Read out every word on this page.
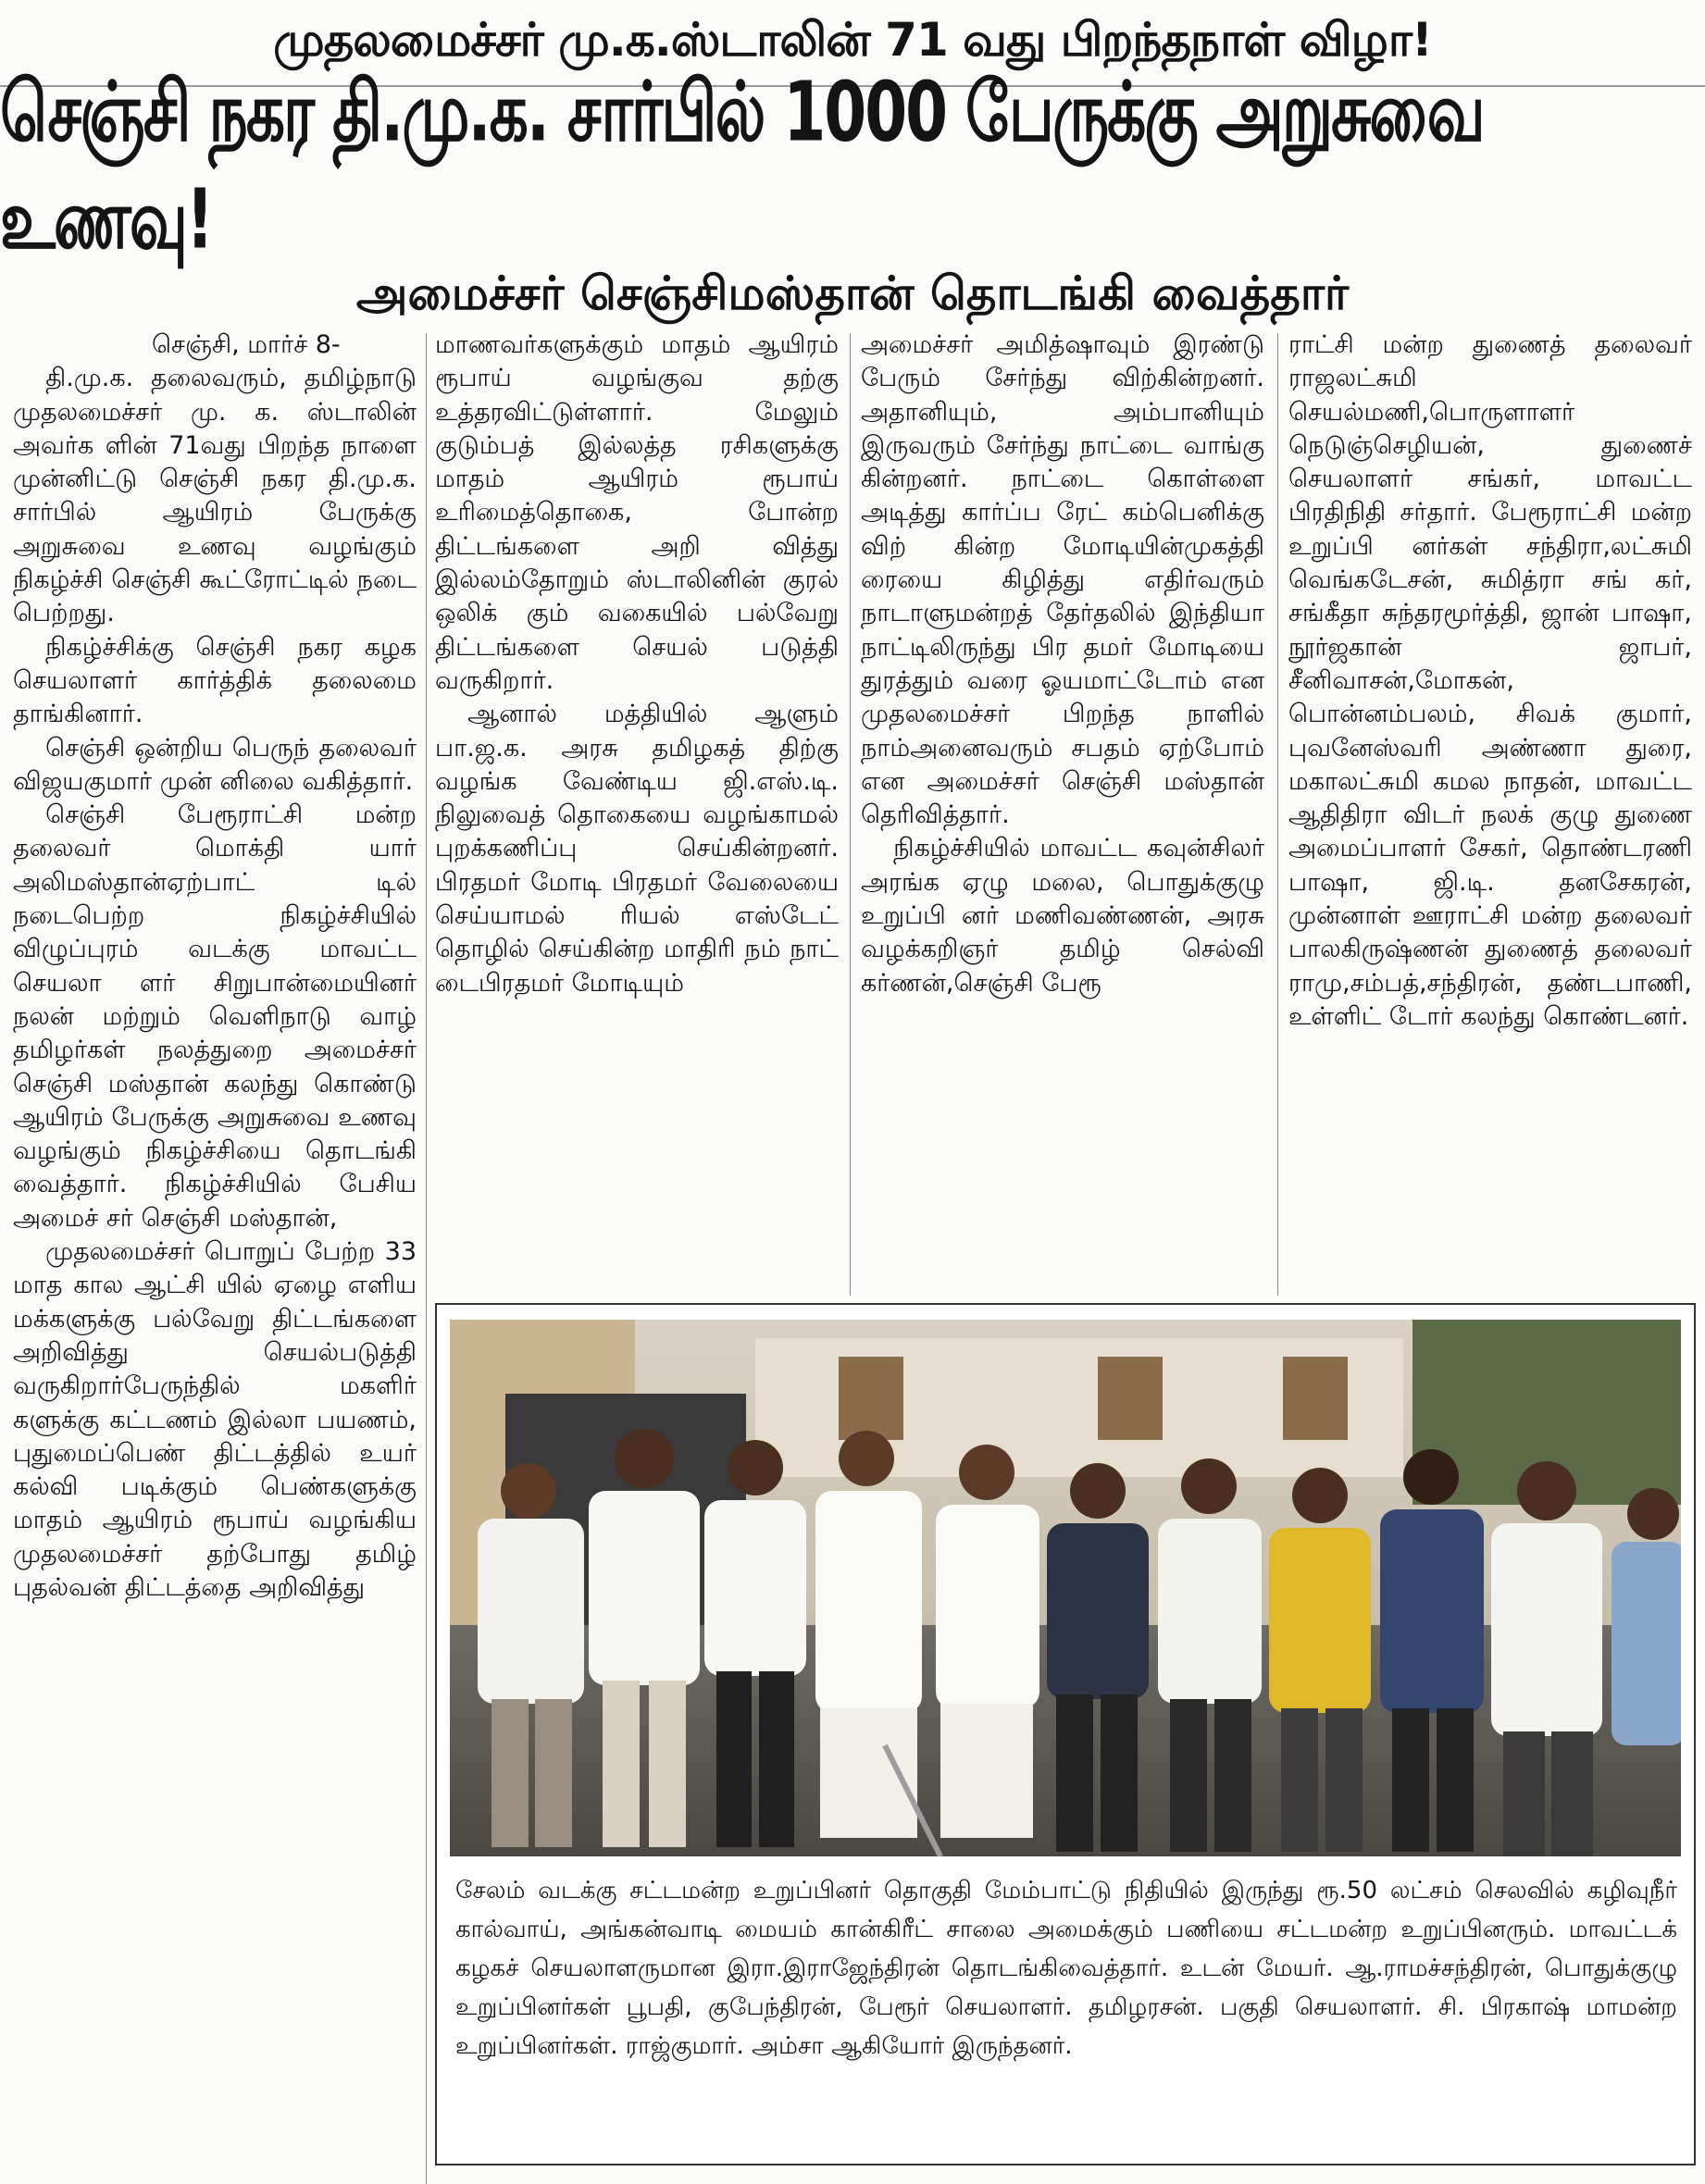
முதலமைச்சர் மு.க.ஸ்டாலின் 71 வது பிறந்தநாள் விழா!
செஞ்சி நகர தி.மு.க. சார்பில் 1000 பேருக்கு அறுசுவை உணவு!
அமைச்சர் செஞ்சிமஸ்தான் தொடங்கி வைத்தார்

செஞ்சி, மார்ச் 8-

தி.மு.க. தலைவரும், தமிழ்நாடு முதலமைச்சர் மு. க. ஸ்டாலின் அவர்க ளின் 71வது பிறந்த நாளை முன்னிட்டு செஞ்சி நகர தி.மு.க. சார்பில் ஆயிரம் பேருக்கு அறுசுவை உணவு வழங்கும் நிகழ்ச்சி செஞ்சி கூட்ரோட்டில் நடை பெற்றது.

நிகழ்ச்சிக்கு செஞ்சி நகர கழக செயலாளர் கார்த்திக் தலைமை தாங்கினார்.

செஞ்சி ஒன்றிய பெருந் தலைவர் விஜயகுமார் முன் னிலை வகித்தார்.

செஞ்சி பேரூராட்சி மன்ற தலைவர் மொக்தி யார் அலிமஸ்தான்ஏற்பாட் டில் நடைபெற்ற நிகழ்ச்சியில் விழுப்புரம் வடக்கு மாவட்ட செயலா ளர் சிறுபான்மையினர் நலன் மற்றும் வெளிநாடு வாழ் தமிழர்கள் நலத்துறை அமைச்சர் செஞ்சி மஸ்தான் கலந்து கொண்டு ஆயிரம் பேருக்கு அறுசுவை உணவு வழங்கும் நிகழ்ச்சியை தொடங்கி வைத்தார். நிகழ்ச்சியில் பேசிய அமைச் சர் செஞ்சி மஸ்தான்,

முதலமைச்சர் பொறுப் பேற்ற 33 மாத கால ஆட்சி யில் ஏழை எளிய மக்களுக்கு பல்வேறு திட்டங்களை அறிவித்து செயல்படுத்தி வருகிறார்பேருந்தில் மகளிர் களுக்கு கட்டணம் இல்லா பயணம், புதுமைப்பெண் திட்டத்தில் உயர் கல்வி படிக்கும் பெண்களுக்கு மாதம் ஆயிரம் ரூபாய் வழங்கிய முதலமைச்சர் தற்போது தமிழ் புதல்வன் திட்டத்தை அறிவித்து

மாணவர்களுக்கும் மாதம் ஆயிரம் ரூபாய் வழங்குவ தற்கு உத்தரவிட்டுள்ளார். மேலும் குடும்பத் இல்லத்த ரசிகளுக்கு மாதம் ஆயிரம் ரூபாய் உரிமைத்தொகை, போன்ற திட்டங்களை அறி வித்து இல்லம்தோறும் ஸ்டாலினின் குரல் ஒலிக் கும் வகையில் பல்வேறு திட்டங்களை செயல் படுத்தி வருகிறார்.

ஆனால் மத்தியில் ஆளும் பா.ஜ.க. அரசு தமிழகத் திற்கு வழங்க வேண்டிய ஜி.எஸ்.டி. நிலுவைத் தொகையை வழங்காமல் புறக்கணிப்பு செய்கின்றனர். பிரதமர் மோடி பிரதமர் வேலையை செய்யாமல் ரியல் எஸ்டேட் தொழில் செய்கின்ற மாதிரி நம் நாட் டைபிரதமர் மோடியும்

அமைச்சர் அமித்ஷாவும் இரண்டு பேரும் சேர்ந்து விற்கின்றனர். அதானியும், அம்பானியும் இருவரும் சேர்ந்து நாட்டை வாங்கு கின்றனர். நாட்டை கொள்ளை அடித்து கார்ப்ப ரேட் கம்பெனிக்கு விற் கின்ற மோடியின்முகத்தி ரையை கிழித்து எதிர்வரும் நாடாளுமன்றத் தேர்தலில் இந்தியா நாட்டிலிருந்து பிர தமர் மோடியை துரத்தும் வரை ஓயமாட்டோம் என முதலமைச்சர் பிறந்த நாளில் நாம்அனைவரும் சபதம் ஏற்போம் என அமைச்சர் செஞ்சி மஸ்தான் தெரிவித்தார்.

நிகழ்ச்சியில் மாவட்ட கவுன்சிலர் அரங்க ஏழு மலை, பொதுக்குழு உறுப்பி னர் மணிவண்ணன், அரசு வழக்கறிஞர் தமிழ் செல்வி கர்ணன்,செஞ்சி பேரூ

ராட்சி மன்ற துணைத் தலைவர் ராஜலட்சுமி செயல்மணி,பொருளாளர் நெடுஞ்செழியன், துணைச் செயலாளர் சங்கர், மாவட்ட பிரதிநிதி சர்தார். பேரூராட்சி மன்ற உறுப்பி னர்கள் சந்திரா,லட்சுமி வெங்கடேசன், சுமித்ரா சங் கர், சங்கீதா சுந்தரமூர்த்தி, ஜான் பாஷா, நூர்ஜகான் ஜாபர், சீனிவாசன்,மோகன், பொன்னம்பலம், சிவக் குமார், புவனேஸ்வரி அண்ணா துரை, மகாலட்சுமி கமல நாதன், மாவட்ட ஆதிதிரா விடர் நலக் குழு துணை அமைப்பாளர் சேகர், தொண்டரணி பாஷா, ஜி.டி. தனசேகரன், முன்னாள் ஊராட்சி மன்ற தலைவர் பாலகிருஷ்ணன் துணைத் தலைவர் ராமு,சம்பத்,சந்திரன், தண்டபாணி, உள்ளிட் டோர் கலந்து கொண்டனர்.

சேலம் வடக்கு சட்டமன்ற உறுப்பினர் தொகுதி மேம்பாட்டு நிதியில் இருந்து ரூ.50 லட்சம் செலவில் கழிவுநீர் கால்வாய், அங்கன்வாடி மையம் கான்கிரீட் சாலை அமைக்கும் பணியை சட்டமன்ற உறுப்பினரும். மாவட்டக் கழகச் செயலாளருமான இரா.இராஜேந்திரன் தொடங்கிவைத்தார். உடன் மேயர். ஆ.ராமச்சந்திரன், பொதுக்குழு உறுப்பினர்கள் பூபதி, குபேந்திரன், பேரூர் செயலாளர். தமிழரசன். பகுதி செயலாளர். சி. பிரகாஷ் மாமன்ற உறுப்பினர்கள். ராஜ்குமார். அம்சா ஆகியோர் இருந்தனர்.
